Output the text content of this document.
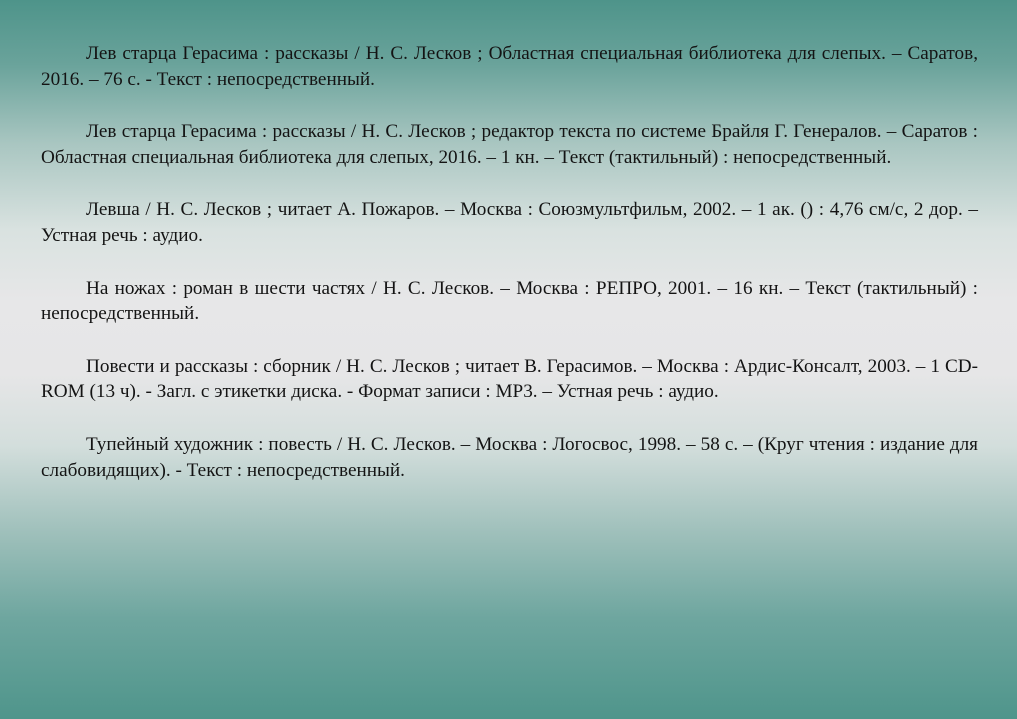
Лев старца Герасима : рассказы / Н. С. Лесков ; Областная специальная библиотека для слепых. – Саратов, 2016. – 76 с. - Текст : непосредственный.

Лев старца Герасима : рассказы / Н. С. Лесков ; редактор текста по системе Брайля Г. Генералов. – Саратов : Областная специальная библиотека для слепых, 2016. – 1 кн. – Текст (тактильный) : непосредственный.

Левша / Н. С. Лесков ; читает А. Пожаров. – Москва : Союзмультфильм, 2002. – 1 ак. () : 4,76 см/с, 2 дор. – Устная речь : аудио.

На ножах : роман в шести частях / Н. С. Лесков. – Москва : РЕПРО, 2001. – 16 кн. – Текст (тактильный) : непосредственный.

Повести и рассказы : сборник / Н. С. Лесков ; читает В. Герасимов. – Москва : Ардис-Консалт, 2003. – 1 CD-ROM (13 ч). - Загл. с этикетки диска. - Формат записи : MP3. – Устная речь : аудио.

Тупейный художник : повесть / Н. С. Лесков. – Москва : Логосвос, 1998. – 58 с. – (Круг чтения : издание для слабовидящих). - Текст : непосредственный.
